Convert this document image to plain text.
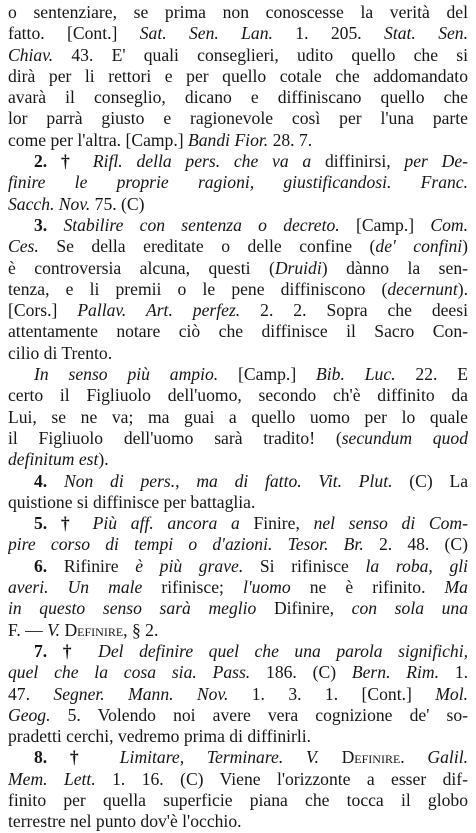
o sentenziare, se prima non conoscesse la verità del
fatto. [Cont.] Sat. Sen. Lan. 1. 205. Stat. Sen.
Chiav. 43. E' quali conseglieri, udito quello che si
dirà per li rettori e per quello cotale che addomandato
avarà il conseglio, dicano e diffiniscano quello che
lor parrà giusto e ragionevole così per l'una parte
come per l'altra. [Camp.] Bandi Fior. 28. 7.
2. † Rifl. della pers. che va a diffinirsi, per De-
finire le proprie ragioni, giustificandosi. Franc.
Sacch. Nov. 75. (C)
3. Stabilire con sentenza o decreto. [Camp.] Com.
Ces. Se della ereditate o delle confine (de' confini)
è controversia alcuna, questi (Druidi) dànno la sen-
tenza, e li premii o le pene diffiniscono (decernunt).
[Cors.] Pallav. Art. perfez. 2. 2. Sopra che deesi
attentamente notare ciò che diffinisce il Sacro Con-
cilio di Trento.
In senso più ampio. [Camp.] Bib. Luc. 22. E
certo il Figliuolo dell'uomo, secondo ch'è diffinito da
Lui, se ne va; ma guai a quello uomo per lo quale
il Figliuolo dell'uomo sarà tradito! (secundum quod
definitum est).
4. Non di pers., ma di fatto. Vit. Plut. (C) La
quistione si diffinisce per battaglia.
5. † Più aff. ancora a Finire, nel senso di Com-
pire corso di tempi o d'azioni. Tesor. Br. 2. 48. (C)
6. Rifinire è più grave. Si rifinisce la roba, gli
averi. Un male rifinisce; l'uomo ne è rifinito. Ma
in questo senso sarà meglio Difinire, con sola una
F. — V. Definire, § 2.
7. † Del definire quel che una parola significhi,
quel che la cosa sia. Pass. 186. (C) Bern. Rim. 1.
47. Segner. Mann. Nov. 1. 3. 1. [Cont.] Mol.
Geog. 5. Volendo noi avere vera cognizione de' so-
pradetti cerchi, vedremo prima di diffinirli.
8. † Limitare, Terminare. V. Definire. Galil.
Mem. Lett. 1. 16. (C) Viene l'orizzonte a esser dif-
finito per quella superficie piana che tocca il globo
terrestre nel punto dov'è l'occhio.
